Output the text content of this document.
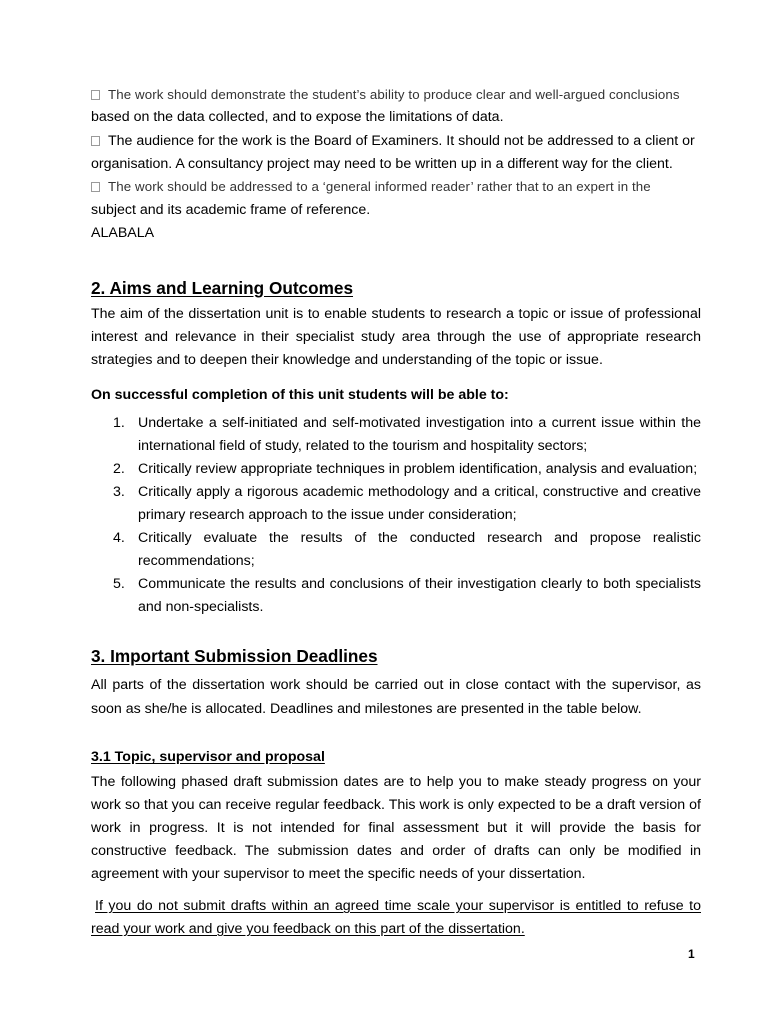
The work should demonstrate the student’s ability to produce clear and well-argued conclusions
based on the data collected, and to expose the limitations of data.
The audience for the work is the Board of Examiners. It should not be addressed to a client or
organisation. A consultancy project may need to be written up in a different way for the client.
The work should be addressed to a ‘general informed reader’ rather that to an expert in the
subject and its academic frame of reference.
ALABALA
2. Aims and Learning Outcomes

The aim of the dissertation unit is to enable students to research a topic or issue of professional interest and relevance in their specialist study area through the use of appropriate research strategies and to deepen their knowledge and understanding of the topic or issue.

On successful completion of this unit students will be able to:
1. Undertake a self-initiated and self-motivated investigation into a current issue within the international field of study, related to the tourism and hospitality sectors;
2. Critically review appropriate techniques in problem identification, analysis and evaluation;
3. Critically apply a rigorous academic methodology and a critical, constructive and creative primary research approach to the issue under consideration;
4. Critically evaluate the results of the conducted research and propose realistic recommendations;
5. Communicate the results and conclusions of their investigation clearly to both specialists and non-specialists.
3. Important Submission Deadlines

All parts of the dissertation work should be carried out in close contact with the supervisor, as soon as she/he is allocated. Deadlines and milestones are presented in the table below.

3.1 Topic, supervisor and proposal

The following phased draft submission dates are to help you to make steady progress on your work so that you can receive regular feedback. This work is only expected to be a draft version of work in progress. It is not intended for final assessment but it will provide the basis for constructive feedback. The submission dates and order of drafts can only be modified in agreement with your supervisor to meet the specific needs of your dissertation.

If you do not submit drafts within an agreed time scale your supervisor is entitled to refuse to read your work and give you feedback on this part of the dissertation.

1
